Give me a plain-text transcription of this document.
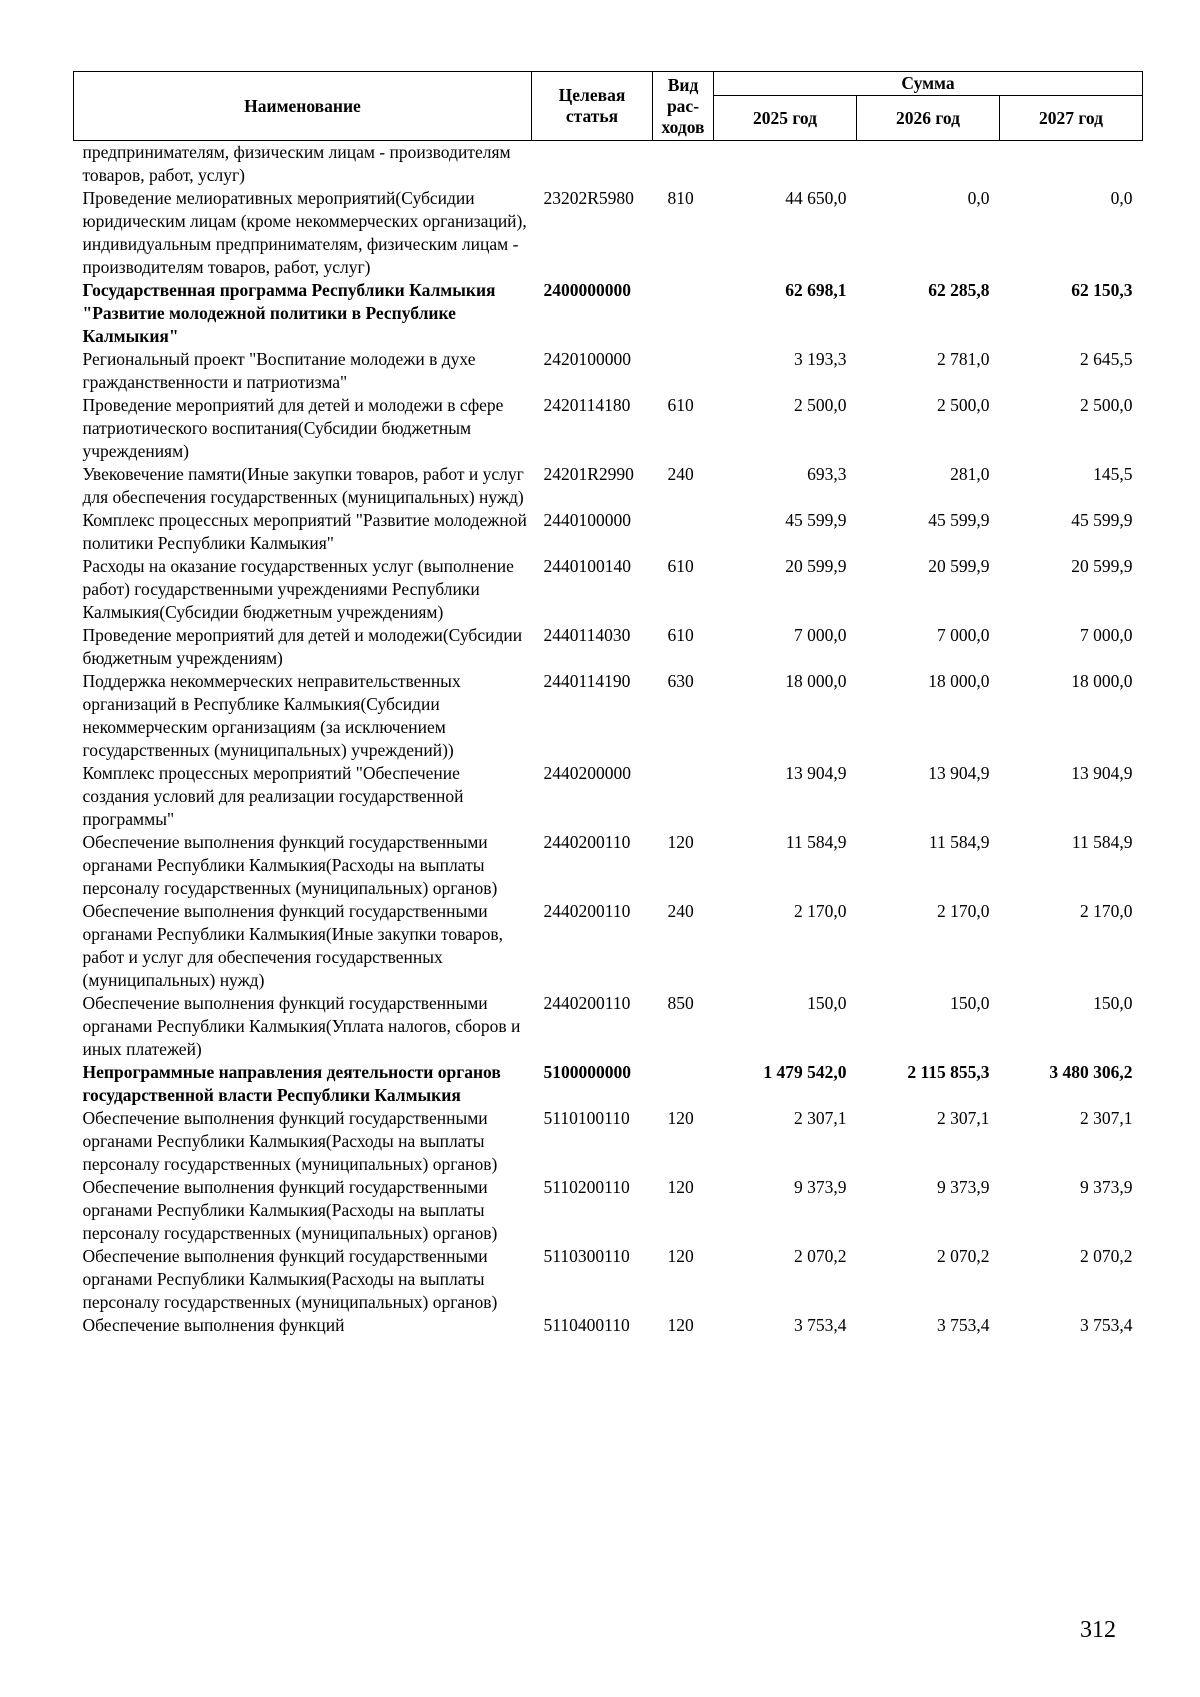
Наименование	Целевая статья	Вид рас- ходов	Сумма		
			2025 год	2026 год	2027 год
предпринимателям, физическим лицам - производителям товаров, работ, услуг)					
Проведение мелиоративных мероприятий(Субсидии юридическим лицам (кроме некоммерческих организаций), индивидуальным предпринимателям, физическим лицам - производителям товаров, работ, услуг)	23202R5980	810	44 650,0	0,0	0,0
Государственная программа Республики Калмыкия "Развитие молодежной политики в Республике Калмыкия"	2400000000		62 698,1	62 285,8	62 150,3
Региональный проект "Воспитание молодежи в духе гражданственности и патриотизма"	2420100000		3 193,3	2 781,0	2 645,5
Проведение мероприятий для детей и молодежи в сфере патриотического воспитания(Субсидии бюджетным учреждениям)	2420114180	610	2 500,0	2 500,0	2 500,0
Увековечение памяти(Иные закупки товаров, работ и услуг для обеспечения государственных (муниципальных) нужд)	24201R2990	240	693,3	281,0	145,5
Комплекс процессных мероприятий "Развитие молодежной политики Республики Калмыкия"	2440100000		45 599,9	45 599,9	45 599,9
Расходы на оказание государственных услуг (выполнение работ) государственными учреждениями Республики Калмыкия(Субсидии бюджетным учреждениям)	2440100140	610	20 599,9	20 599,9	20 599,9
Проведение мероприятий для детей и молодежи(Субсидии бюджетным учреждениям)	2440114030	610	7 000,0	7 000,0	7 000,0
Поддержка некоммерческих неправительственных организаций в Республике Калмыкия(Субсидии некоммерческим организациям (за исключением государственных (муниципальных) учреждений))	2440114190	630	18 000,0	18 000,0	18 000,0
Комплекс процессных мероприятий "Обеспечение создания условий для реализации государственной программы"	2440200000		13 904,9	13 904,9	13 904,9
Обеспечение выполнения функций государственными органами Республики Калмыкия(Расходы на выплаты персоналу государственных (муниципальных) органов)	2440200110	120	11 584,9	11 584,9	11 584,9
Обеспечение выполнения функций государственными органами Республики Калмыкия(Иные закупки товаров, работ и услуг для обеспечения государственных (муниципальных) нужд)	2440200110	240	2 170,0	2 170,0	2 170,0
Обеспечение выполнения функций государственными органами Республики Калмыкия(Уплата налогов, сборов и иных платежей)	2440200110	850	150,0	150,0	150,0
Непрограммные направления деятельности органов государственной власти Республики Калмыкия	5100000000		1 479 542,0	2 115 855,3	3 480 306,2
Обеспечение выполнения функций государственными органами Республики Калмыкия(Расходы на выплаты персоналу государственных (муниципальных) органов)	5110100110	120	2 307,1	2 307,1	2 307,1
Обеспечение выполнения функций государственными органами Республики Калмыкия(Расходы на выплаты персоналу государственных (муниципальных) органов)	5110200110	120	9 373,9	9 373,9	9 373,9
Обеспечение выполнения функций государственными органами Республики Калмыкия(Расходы на выплаты персоналу государственных (муниципальных) органов)	5110300110	120	2 070,2	2 070,2	2 070,2
Обеспечение выполнения функций	5110400110	120	3 753,4	3 753,4	3 753,4
312
